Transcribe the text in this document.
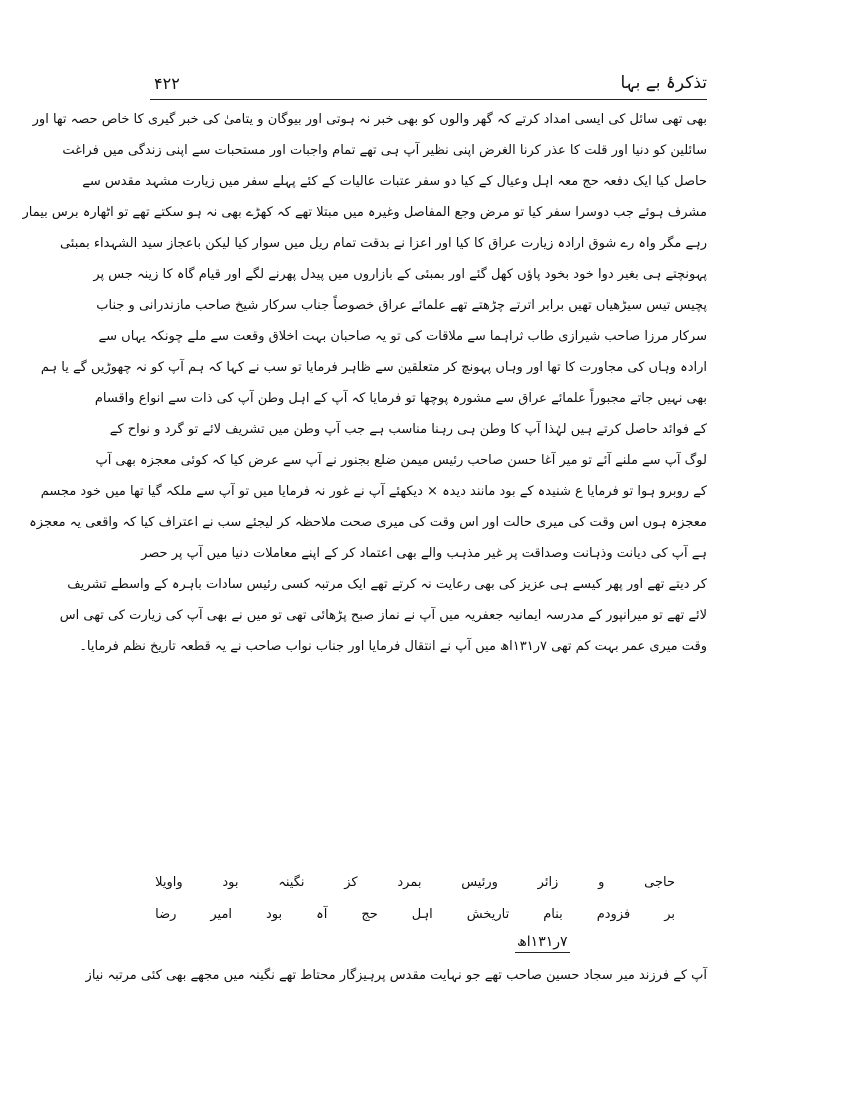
تذکرۂ بے بہا
۴۲۲
بھی تھی سائل کی ایسی امداد کرتے کہ گھر والوں کو بھی خبر نہ ہوتی اور بیوگان و یتامیٰ کی خبر گیری کا خاص حصہ تھا اور
سائلین کو دنیا اور قلت کا عذر کرنا الغرض اپنی نظیر آپ ہی تھے تمام واجبات اور مستحبات سے اپنی زندگی میں فراغت
حاصل کیا ایک دفعہ حج معہ اہل وعیال کے کیا دو سفر عتبات عالیات کے کئے پہلے سفر میں زیارت مشہد مقدس سے
مشرف ہوئے جب دوسرا سفر کیا تو مرض وجع المفاصل وغیرہ میں مبتلا تھے کہ کھڑے بھی نہ ہو سکتے تھے تو اٹھارہ برس بیمار
رہے مگر واہ رے شوق ارادہ زیارت عراق کا کیا اور اعزا نے بدقت تمام ریل میں سوار کیا لیکن باعجاز سید الشہداء بمبئی
پہونچتے ہی بغیر دوا خود بخود پاؤں کھل گئے اور بمبئی کے بازاروں میں پیدل پھرنے لگے اور قیام گاہ کا زینہ جس پر
پچیس تیس سیڑھیاں تھیں برابر اترتے چڑھتے تھے علمائے عراق خصوصاً جناب سرکار شیخ صاحب مازندرانی و جناب
سرکار مرزا صاحب شیرازی طاب ثراہما سے ملاقات کی تو یہ صاحبان بہت اخلاق وقعت سے ملے چونکہ یہاں سے
ارادہ وہاں کی مجاورت کا تھا اور وہاں پہونچ کر متعلقین سے ظاہر فرمایا تو سب نے کہا کہ ہم آپ کو نہ چھوڑیں گے یا ہم
بھی نہیں جاتے مجبوراً علمائے عراق سے مشورہ پوچھا تو فرمایا کہ آپ کے اہل وطن آپ کی ذات سے انواع واقسام
کے فوائد حاصل کرتے ہیں لہٰذا آپ کا وطن ہی رہنا مناسب ہے جب آپ وطن میں تشریف لائے تو گرد و نواح کے
لوگ آپ سے ملنے آئے تو میر آغا حسن صاحب رئیس میمن ضلع بجنور نے آپ سے عرض کیا کہ کوئی معجزہ بھی آپ
کے روبرو ہوا تو فرمایا ع شنیدہ کے بود مانند دیدہ × دیکھئے آپ نے غور نہ فرمایا میں تو آپ سے ملکہ گیا تھا میں خود مجسم
معجزہ ہوں اس وقت کی میری حالت اور اس وقت کی میری صحت ملاحظہ کر لیجئے سب نے اعتراف کیا کہ واقعی یہ معجزہ
ہے آپ کی دیانت وذہانت وصداقت پر غیر مذہب والے بھی اعتماد کر کے اپنے معاملات دنیا میں آپ پر حصر
کر دیتے تھے اور پھر کیسے ہی عزیز کی بھی رعایت نہ کرتے تھے ایک مرتبہ کسی رئیس سادات باہرہ کے واسطے تشریف
لائے تھے تو میرانپور کے مدرسہ ایمانیہ جعفریہ میں آپ نے نماز صبح پڑھائی تھی تو میں نے بھی آپ کی زیارت کی تھی اس
وقت میری عمر بہت کم تھی ۷ر۱۳۱اھ میں آپ نے انتقال فرمایا اور جناب نواب صاحب نے یہ قطعہ تاریخ نظم فرمایا۔
حاجی
و
زائر
ورئیس
بمرد
کز
نگینہ
بود
واویلا
بر
فزودم
بنام
تاریخش
اہل
حج
آہ
بود
امیر
رضا
۷ر۱۳۱اھ
آپ کے فرزند میر سجاد حسین صاحب تھے جو نہایت مقدس پرہیزگار محتاط تھے نگینہ میں مجھے بھی کئی مرتبہ نیاز
